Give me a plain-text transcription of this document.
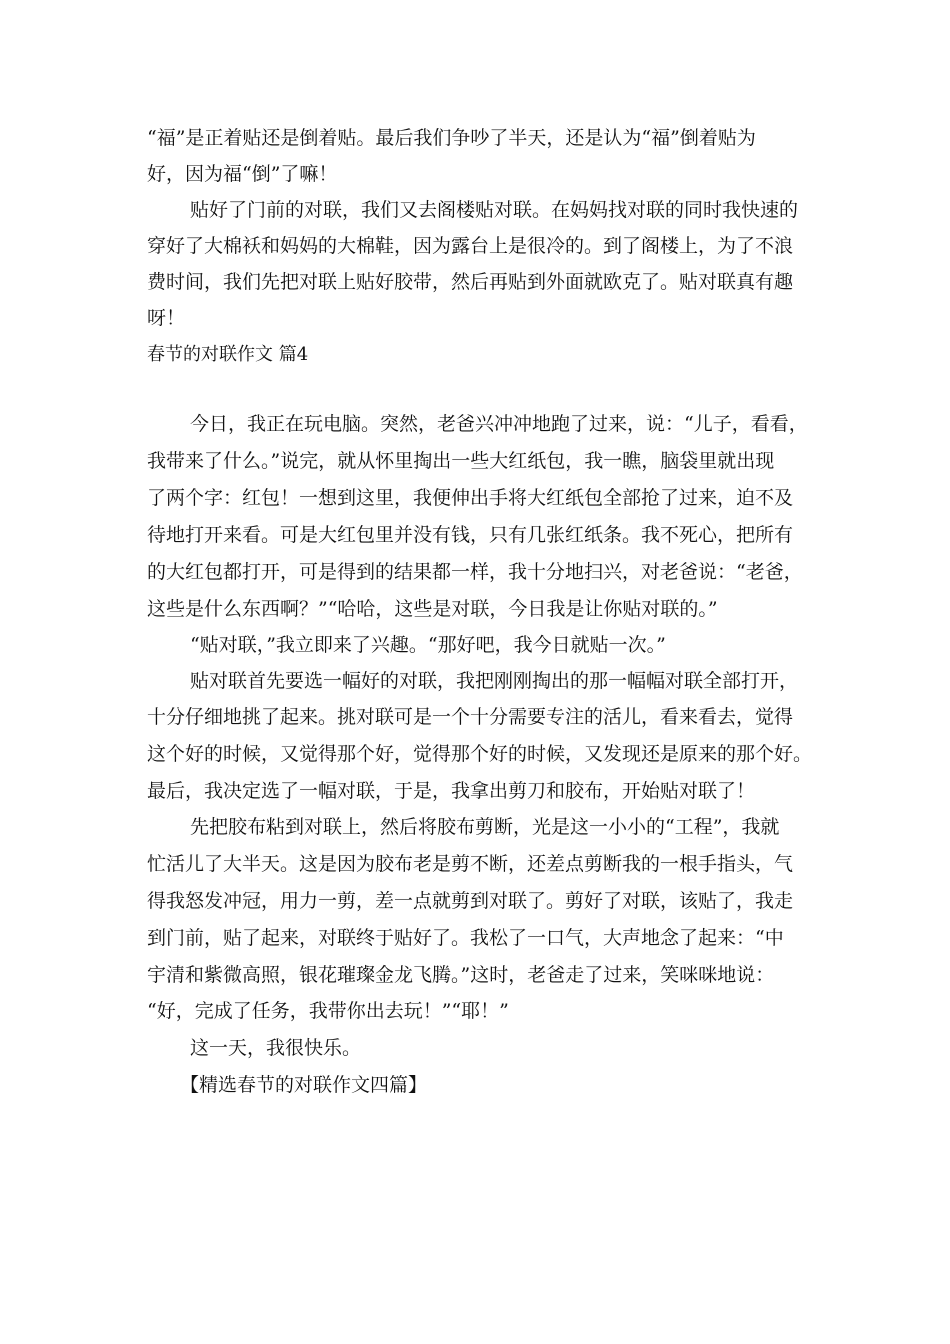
“福”是正着贴还是倒着贴。最后我们争吵了半天，还是认为“福”倒着贴为
好，因为福“倒”了嘛！
贴好了门前的对联，我们又去阁楼贴对联。在妈妈找对联的同时我快速的
穿好了大棉袄和妈妈的大棉鞋，因为露台上是很冷的。到了阁楼上，为了不浪
费时间，我们先把对联上贴好胶带，然后再贴到外面就欧克了。贴对联真有趣
呀！
春节的对联作文 篇4
今日，我正在玩电脑。突然，老爸兴冲冲地跑了过来，说：“儿子，看看，
我带来了什么。”说完，就从怀里掏出一些大红纸包，我一瞧，脑袋里就出现
了两个字：红包！一想到这里，我便伸出手将大红纸包全部抢了过来，迫不及
待地打开来看。可是大红包里并没有钱，只有几张红纸条。我不死心，把所有
的大红包都打开，可是得到的结果都一样，我十分地扫兴，对老爸说：“老爸，
这些是什么东西啊？”“哈哈，这些是对联，今日我是让你贴对联的。”
“贴对联，”我立即来了兴趣。“那好吧，我今日就贴一次。”
贴对联首先要选一幅好的对联，我把刚刚掏出的那一幅幅对联全部打开，
十分仔细地挑了起来。挑对联可是一个十分需要专注的活儿，看来看去，觉得
这个好的时候，又觉得那个好，觉得那个好的时候，又发现还是原来的那个好。
最后，我决定选了一幅对联，于是，我拿出剪刀和胶布，开始贴对联了！
先把胶布粘到对联上，然后将胶布剪断，光是这一小小的“工程”，我就
忙活儿了大半天。这是因为胶布老是剪不断，还差点剪断我的一根手指头，气
得我怒发冲冠，用力一剪，差一点就剪到对联了。剪好了对联，该贴了，我走
到门前，贴了起来，对联终于贴好了。我松了一口气，大声地念了起来：“中
宇清和紫微高照，银花璀璨金龙飞腾。”这时，老爸走了过来，笑咪咪地说：
“好，完成了任务，我带你出去玩！”“耶！”
这一天，我很快乐。
【精选春节的对联作文四篇】
